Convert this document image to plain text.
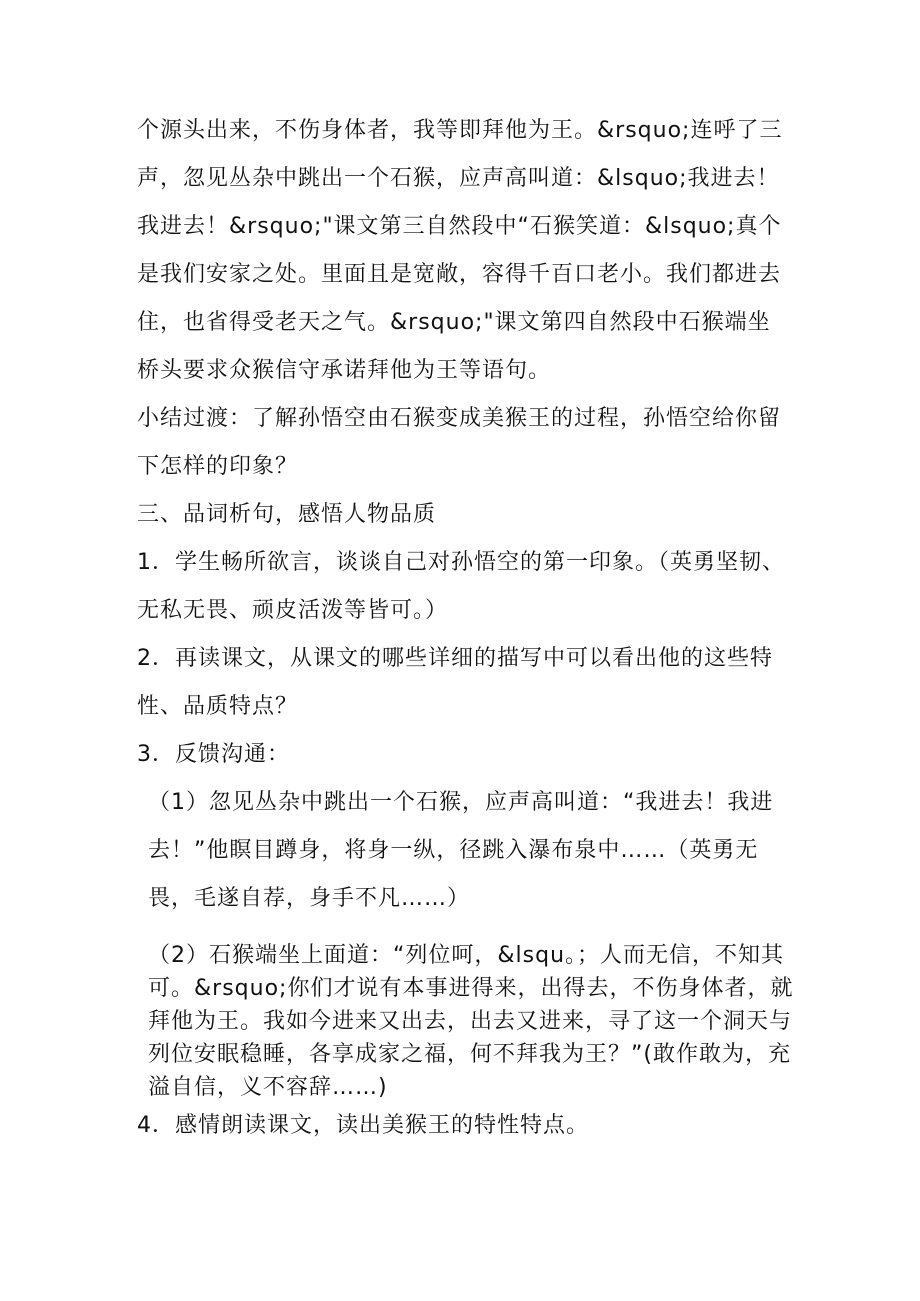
个源头出来，不伤身体者，我等即拜他为王。&rsquo;连呼了三声，忽见丛杂中跳出一个石猴，应声高叫道：&lsquo;我进去！我进去！&rsquo;"课文第三自然段中“石猴笑道：&lsquo;真个是我们安家之处。里面且是宽敞，容得千百口老小。我们都进去住，也省得受老天之气。&rsquo;"课文第四自然段中石猴端坐桥头要求众猴信守承诺拜他为王等语句。

小结过渡：了解孙悟空由石猴变成美猴王的过程，孙悟空给你留下怎样的印象？

三、品词析句，感悟人物品质

1．学生畅所欲言，谈谈自己对孙悟空的第一印象。（英勇坚韧、无私无畏、顽皮活泼等皆可。）

2．再读课文，从课文的哪些详细的描写中可以看出他的这些特性、品质特点？

3．反馈沟通：

（1）忽见丛杂中跳出一个石猴，应声高叫道：“我进去！我进去！”他瞑目蹲身，将身一纵，径跳入瀑布泉中……（英勇无畏，毛遂自荐，身手不凡……）

（2）石猴端坐上面道：“列位呵，&lsqu。；人而无信，不知其可。&rsquo;你们才说有本事进得来，出得去，不伤身体者，就拜他为王。我如今进来又出去，出去又进来，寻了这一个洞天与列位安眠稳睡，各享成家之福，何不拜我为王？”(敢作敢为，充溢自信，义不容辞……)

4．感情朗读课文，读出美猴王的特性特点。
